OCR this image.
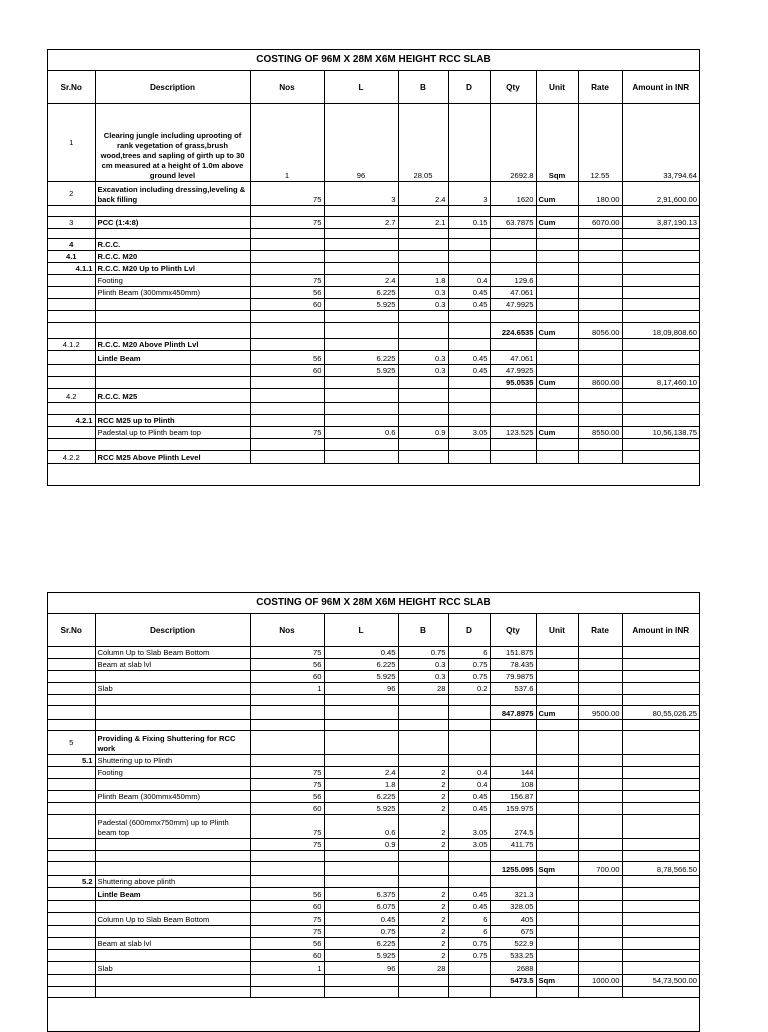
COSTING OF 96M X 28M X6M HEIGHT RCC SLAB
Sr.No	Description	Nos	L	B	D	Qty	Unit	Rate	Amount in INR
1	Clearing jungle including uprooting of rank vegetation of grass,brush wood,trees and sapling of girth up to 30 cm measured at a height of 1.0m above ground level	1	96	28.05		2692.8	Sqm	12.55	33,794.64
2	Excavation including dressing,leveling & back filling	75	3	2.4	3	1620	Cum	180.00	2,91,600.00

3	PCC (1:4:8)	75	2.7	2.1	0.15	63.7875	Cum	6070.00	3,87,190.13

4	R.C.C.								
4.1	R.C.C. M20								
4.1.1	R.C.C. M20 Up to Plinth Lvl								
	Footing	75	2.4	1.8	0.4	129.6			
	Plinth Beam (300mmx450mm)	56	6.225	0.3	0.45	47.061			
		60	5.925	0.3	0.45	47.9925			

						224.6535	Cum	8056.00	18,09,808.60
4.1.2	R.C.C. M20 Above Plinth Lvl								
	Lintle Beam	56	6.225	0.3	0.45	47.061			
		60	5.925	0.3	0.45	47.9925			
						95.0535	Cum	8600.00	8,17,460.10
4.2	R.C.C. M25								

4.2.1	RCC M25 up to Plinth								
	Padestal up to Plinth beam top	75	0.6	0.9	3.05	123.525	Cum	8550.00	10,56,138.75

4.2.2	RCC M25 Above Plinth Level								
COSTING OF 96M X 28M X6M HEIGHT RCC SLAB
Sr.No	Description	Nos	L	B	D	Qty	Unit	Rate	Amount in INR
	Column Up to Slab Beam Bottom	75	0.45	0.75	6	151.875			
	Beam at slab lvl	56	6.225	0.3	0.75	78.435			
		60	5.925	0.3	0.75	79.9875			
	Slab	1	96	28	0.2	537.6			

						847.8975	Cum	9500.00	80,55,026.25

5	Providing & Fixing Shuttering for RCC work								
5.1	Shuttering up to Plinth								
	Footing	75	2.4	2	0.4	144			
		75	1.8	2	0.4	108			
	Plinth Beam (300mmx450mm)	56	6.225	2	0.45	156.87			
		60	5.925	2	0.45	159.975			
	Padestal (600mmx750mm) up to Plinth beam top	75	0.6	2	3.05	274.5			
		75	0.9	2	3.05	411.75			

						1255.095	Sqm	700.00	8,78,566.50
5.2	Shuttering above plinth								
	Lintle Beam	56	6.375	2	0.45	321.3			
		60	6.075	2	0.45	328.05			
	Column Up to Slab Beam Bottom	75	0.45	2	6	405			
		75	0.75	2	6	675			
	Beam at slab lvl	56	6.225	2	0.75	522.9			
		60	5.925	2	0.75	533.25			
	Slab	1	96	28		2688			
						5473.5	Sqm	1000.00	54,73,500.00
